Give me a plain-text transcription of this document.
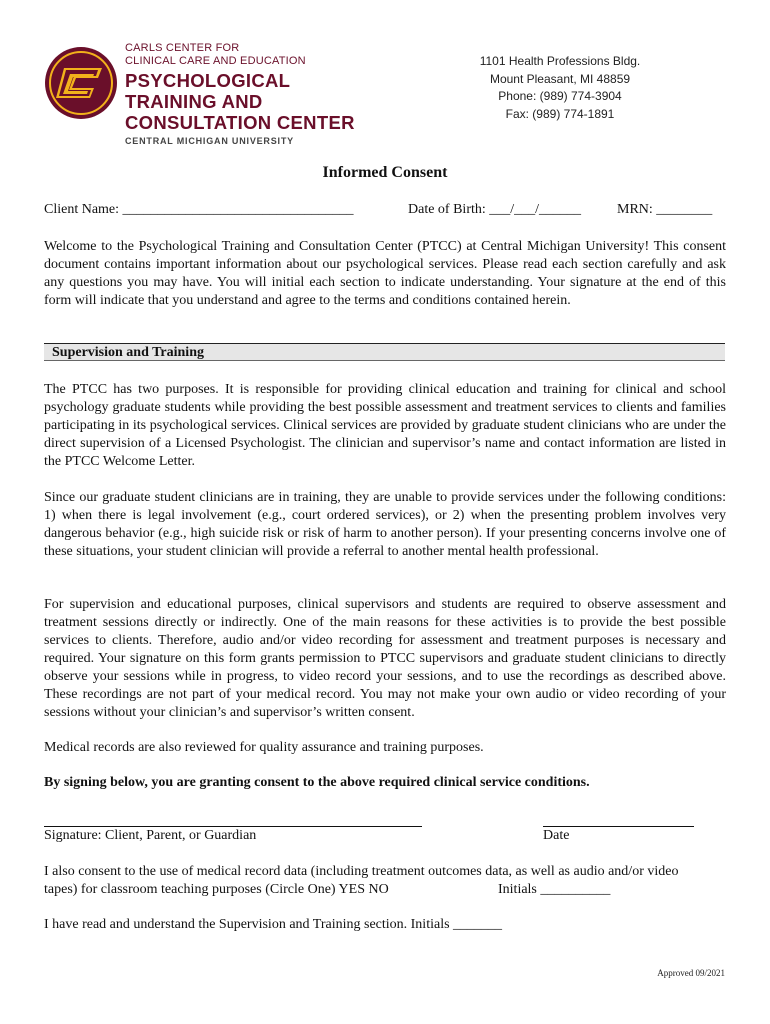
CARLS CENTER FOR
CLINICAL CARE AND EDUCATION
PSYCHOLOGICAL
TRAINING AND
CONSULTATION CENTER
CENTRAL MICHIGAN UNIVERSITY
1101 Health Professions Bldg.
Mount Pleasant, MI 48859
Phone: (989) 774-3904
Fax: (989) 774-1891
Informed Consent
Client Name: _________________________________	Date of Birth: ___/___/______	MRN: ________

Welcome to the Psychological Training and Consultation Center (PTCC) at Central Michigan University! This consent document contains important information about our psychological services. Please read each section carefully and ask any questions you may have. You will initial each section to indicate understanding. Your signature at the end of this form will indicate that you understand and agree to the terms and conditions contained herein.

Supervision and Training

The PTCC has two purposes. It is responsible for providing clinical education and training for clinical and school psychology graduate students while providing the best possible assessment and treatment services to clients and families participating in its psychological services. Clinical services are provided by graduate student clinicians who are under the direct supervision of a Licensed Psychologist. The clinician and supervisor’s name and contact information are listed in the PTCC Welcome Letter.

Since our graduate student clinicians are in training, they are unable to provide services under the following conditions: 1) when there is legal involvement (e.g., court ordered services), or 2) when the presenting problem involves very dangerous behavior (e.g., high suicide risk or risk of harm to another person). If your presenting concerns involve one of these situations, your student clinician will provide a referral to another mental health professional.

For supervision and educational purposes, clinical supervisors and students are required to observe assessment and treatment sessions directly or indirectly. One of the main reasons for these activities is to provide the best possible services to clients. Therefore, audio and/or video recording for assessment and treatment purposes is necessary and required. Your signature on this form grants permission to PTCC supervisors and graduate student clinicians to directly observe your sessions while in progress, to video record your sessions, and to use the recordings as described above. These recordings are not part of your medical record. You may not make your own audio or video recording of your sessions without your clinician’s and supervisor’s written consent.

Medical records are also reviewed for quality assurance and training purposes.

By signing below, you are granting consent to the above required clinical service conditions.

Signature: Client, Parent, or Guardian	Date
I also consent to the use of medical record data (including treatment outcomes data, as well as audio and/or video
tapes) for classroom teaching purposes (Circle One) YES NO	Initials __________
I have read and understand the Supervision and Training section. Initials _______
Approved 09/2021
